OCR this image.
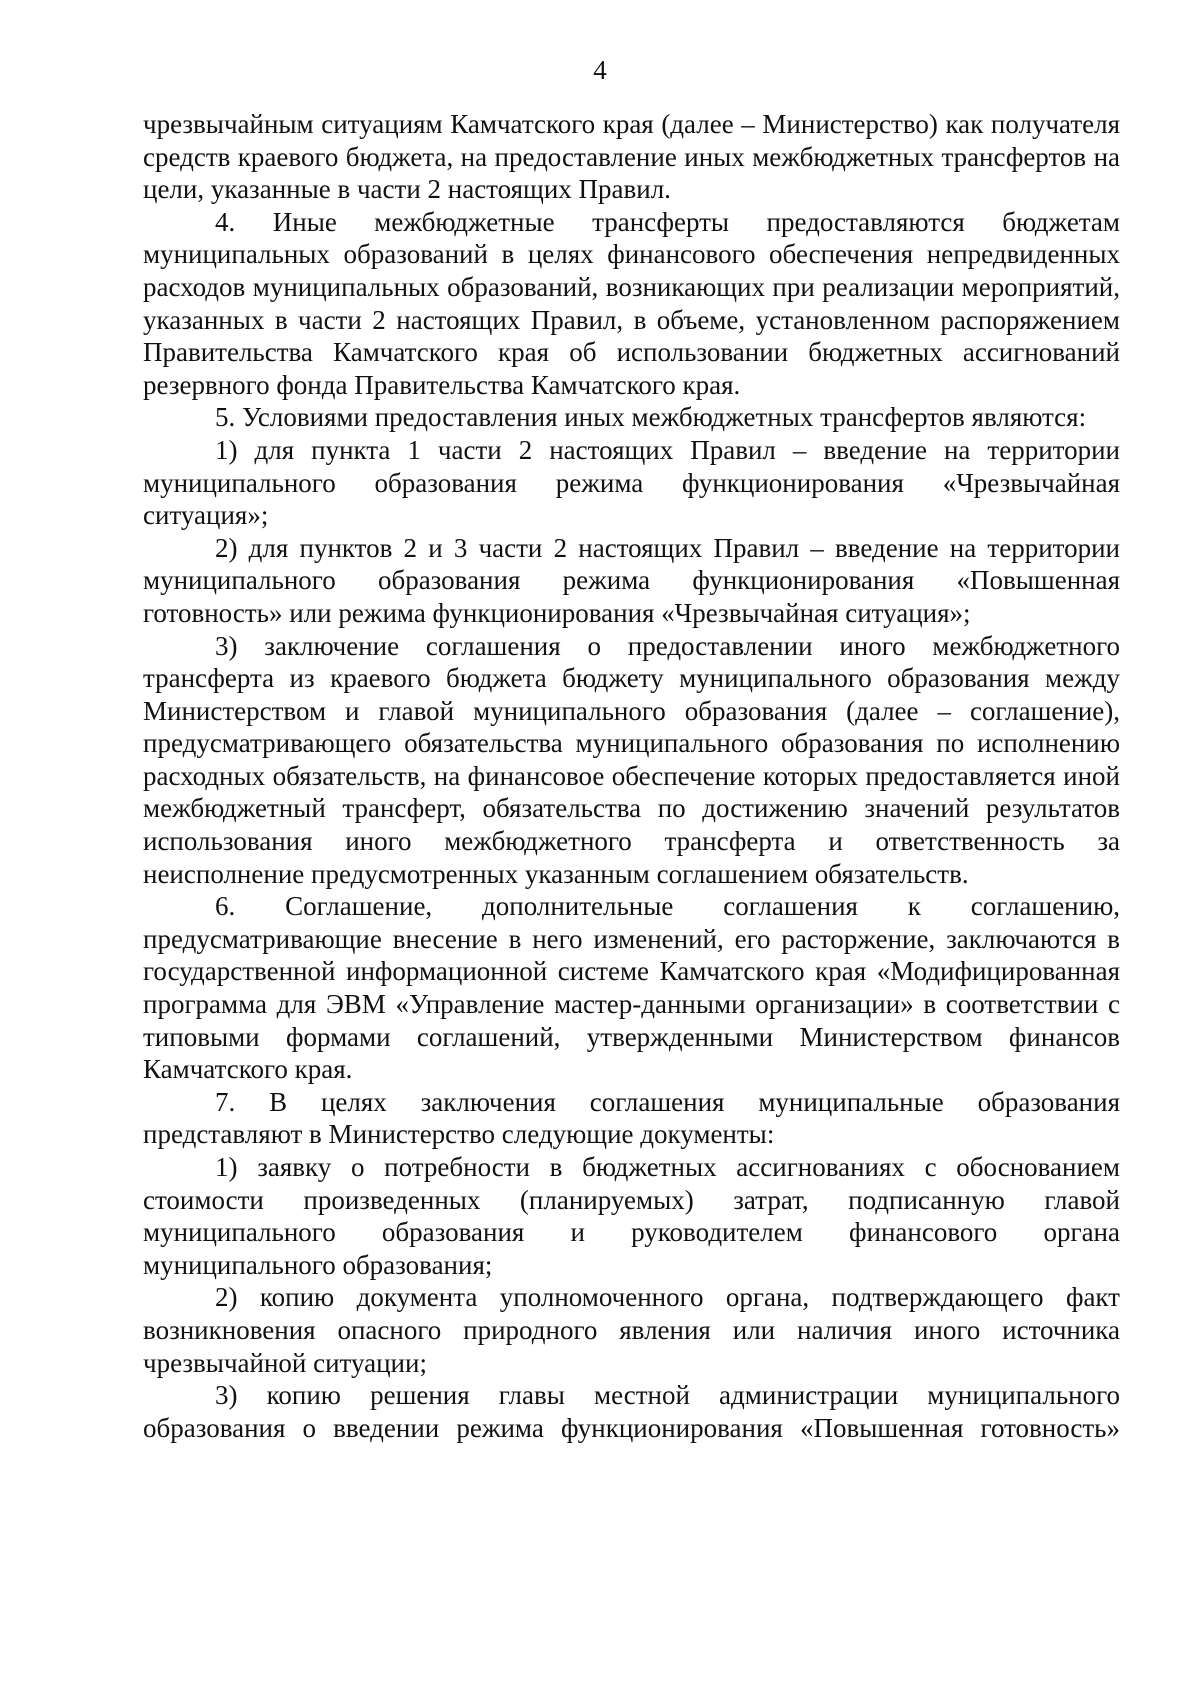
4

чрезвычайным ситуациям Камчатского края (далее – Министерство) как получателя средств краевого бюджета, на предоставление иных межбюджетных трансфертов на цели, указанные в части 2 настоящих Правил.

4. Иные межбюджетные трансферты предоставляются бюджетам муниципальных образований в целях финансового обеспечения непредвиденных расходов муниципальных образований, возникающих при реализации мероприятий, указанных в части 2 настоящих Правил, в объеме, установленном распоряжением Правительства Камчатского края об использовании бюджетных ассигнований резервного фонда Правительства Камчатского края.

5. Условиями предоставления иных межбюджетных трансфертов являются:

1) для пункта 1 части 2 настоящих Правил – введение на территории муниципального образования режима функционирования «Чрезвычайная ситуация»;

2) для пунктов 2 и 3 части 2 настоящих Правил – введение на территории муниципального образования режима функционирования «Повышенная готовность» или режима функционирования «Чрезвычайная ситуация»;

3) заключение соглашения о предоставлении иного межбюджетного трансферта из краевого бюджета бюджету муниципального образования между Министерством и главой муниципального образования (далее – соглашение), предусматривающего обязательства муниципального образования по исполнению расходных обязательств, на финансовое обеспечение которых предоставляется иной межбюджетный трансферт, обязательства по достижению значений результатов использования иного межбюджетного трансферта и ответственность за неисполнение предусмотренных указанным соглашением обязательств.

6. Соглашение, дополнительные соглашения к соглашению, предусматривающие внесение в него изменений, его расторжение, заключаются в государственной информационной системе Камчатского края «Модифицированная программа для ЭВМ «Управление мастер-данными организации» в соответствии с типовыми формами соглашений, утвержденными Министерством финансов Камчатского края.

7. В целях заключения соглашения муниципальные образования представляют в Министерство следующие документы:

1) заявку о потребности в бюджетных ассигнованиях с обоснованием стоимости произведенных (планируемых) затрат, подписанную главой муниципального образования и руководителем финансового органа муниципального образования;

2) копию документа уполномоченного органа, подтверждающего факт возникновения опасного природного явления или наличия иного источника чрезвычайной ситуации;

3) копию решения главы местной администрации муниципального образования о введении режима функционирования «Повышенная готовность»
